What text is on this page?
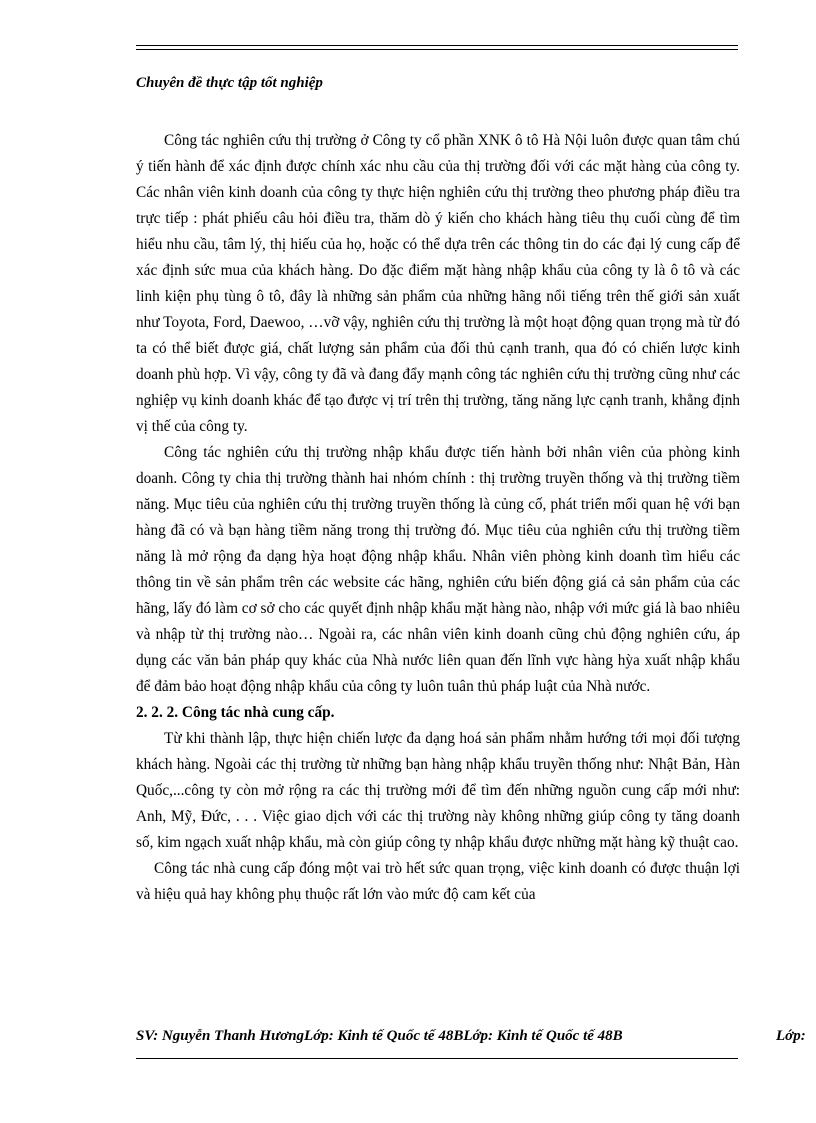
Chuyên đề thực tập tốt nghiệp

Công tác nghiên cứu thị trường ở Công ty cổ phần XNK ô tô Hà Nội luôn được quan tâm chú ý tiến hành để xác định được chính xác nhu cầu của thị trường đối với các mặt hàng của công ty. Các nhân viên kinh doanh của công ty thực hiện nghiên cứu thị trường theo phương pháp điều tra trực tiếp : phát phiếu câu hỏi điều tra, thăm dò ý kiến cho khách hàng tiêu thụ cuối cùng để tìm hiểu nhu cầu, tâm lý, thị hiếu của họ, hoặc có thể dựa trên các thông tin do các đại lý cung cấp để xác định sức mua của khách hàng. Do đặc điểm mặt hàng nhập khẩu của công ty là ô tô và các linh kiện phụ tùng ô tô, đây là những sản phẩm của những hãng nổi tiếng trên thế giới sản xuất như Toyota, Ford, Daewoo, …vỡ vậy, nghiên cứu thị trường là một hoạt động quan trọng mà từ đó ta có thể biết được giá, chất lượng sản phẩm của đối thủ cạnh tranh, qua đó có chiến lược kinh doanh phù hợp. Vì vậy, công ty đã và đang đẩy mạnh công tác nghiên cứu thị trường cũng như các nghiệp vụ kinh doanh khác để tạo được vị trí trên thị trường, tăng năng lực cạnh tranh, khẳng định vị thế của công ty.

Công tác nghiên cứu thị trường nhập khẩu được tiến hành bởi nhân viên của phòng kinh doanh. Công ty chia thị trường thành hai nhóm chính : thị trường truyền thống và thị trường tiềm năng. Mục tiêu của nghiên cứu thị trường truyền thống là củng cố, phát triển mối quan hệ với bạn hàng đã có và bạn hàng tiềm năng trong thị trường đó. Mục tiêu của nghiên cứu thị trường tiềm năng là mở rộng đa dạng hỳa hoạt động nhập khẩu. Nhân viên phòng kinh doanh tìm hiểu các thông tin về sản phẩm trên các website các hãng, nghiên cứu biến động giá cả sản phẩm của các hãng, lấy đó làm cơ sở cho các quyết định nhập khẩu mặt hàng nào, nhập với mức giá là bao nhiêu và nhập từ thị trường nào… Ngoài ra, các nhân viên kinh doanh cũng chủ động nghiên cứu, áp dụng các văn bản pháp quy khác của Nhà nước liên quan đến lĩnh vực hàng hỳa xuất nhập khẩu để đảm bảo hoạt động nhập khẩu của công ty luôn tuân thủ pháp luật của Nhà nước.

2. 2. 2. Công tác nhà cung cấp.

Từ khi thành lập, thực hiện chiến lược đa dạng hoá sản phẩm nhằm hướng tới mọi đối tượng khách hàng. Ngoài các thị trường từ những bạn hàng nhập khẩu truyền thống như: Nhật Bản, Hàn Quốc,...công ty còn mở rộng ra các thị trường mới để tìm đến những nguồn cung cấp mới như: Anh, Mỹ, Đức, . . . Việc giao dịch với các thị trường này không những giúp công ty tăng doanh số, kim ngạch xuất nhập khẩu, mà còn giúp công ty nhập khẩu được những mặt hàng kỹ thuật cao.

Công tác nhà cung cấp đóng một vai trò hết sức quan trọng, việc kinh doanh có được thuận lợi và hiệu quả hay không phụ thuộc rất lớn vào mức độ cam kết của

SV: Nguyễn Thanh HươngLớp: Kinh tế Quốc tế 48BLớp: Kinh tế Quốc tế 48B	Lớp:
